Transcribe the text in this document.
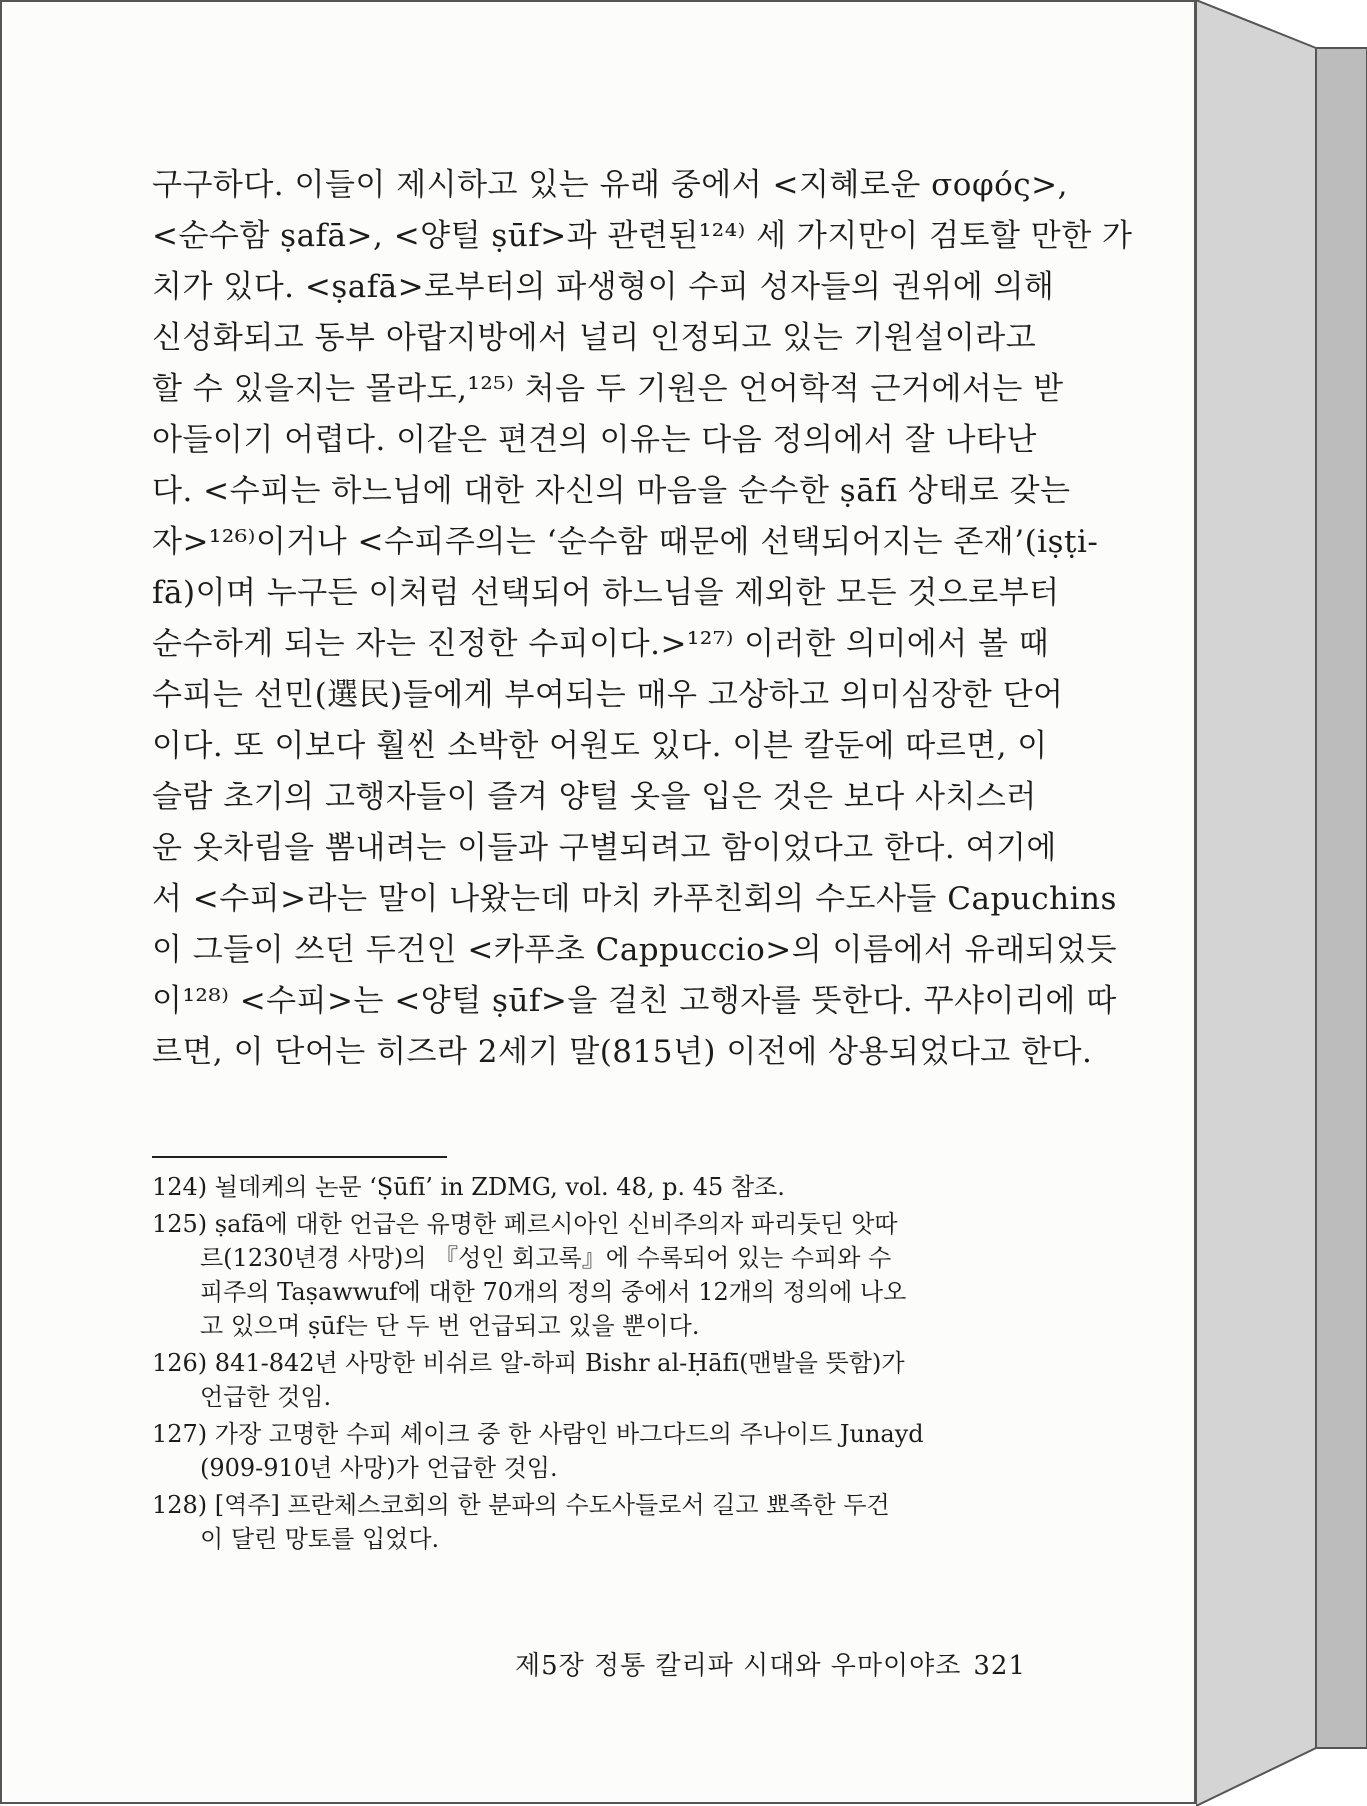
구구하다. 이들이 제시하고 있는 유래 중에서 <지혜로운 σοφός>,
<순수함 ṣafā>, <양털 ṣūf>과 관련된¹²⁴⁾ 세 가지만이 검토할 만한 가
치가 있다. <ṣafā>로부터의 파생형이 수피 성자들의 권위에 의해
신성화되고 동부 아랍지방에서 널리 인정되고 있는 기원설이라고
할 수 있을지는 몰라도,¹²⁵⁾ 처음 두 기원은 언어학적 근거에서는 받
아들이기 어렵다. 이같은 편견의 이유는 다음 정의에서 잘 나타난
다. <수피는 하느님에 대한 자신의 마음을 순수한 ṣāfī 상태로 갖는
자>¹²⁶⁾이거나 <수피주의는 ‘순수함 때문에 선택되어지는 존재’(iṣṭi-
fā)이며 누구든 이처럼 선택되어 하느님을 제외한 모든 것으로부터
순수하게 되는 자는 진정한 수피이다.>¹²⁷⁾ 이러한 의미에서 볼 때
수피는 선민(選民)들에게 부여되는 매우 고상하고 의미심장한 단어
이다. 또 이보다 훨씬 소박한 어원도 있다. 이븐 칼둔에 따르면, 이
슬람 초기의 고행자들이 즐겨 양털 옷을 입은 것은 보다 사치스러
운 옷차림을 뽐내려는 이들과 구별되려고 함이었다고 한다. 여기에
서 <수피>라는 말이 나왔는데 마치 카푸친회의 수도사들 Capuchins
이 그들이 쓰던 두건인 <카푸초 Cappuccio>의 이름에서 유래되었듯
이¹²⁸⁾ <수피>는 <양털 ṣūf>을 걸친 고행자를 뜻한다. 꾸샤이리에 따
르면, 이 단어는 히즈라 2세기 말(815년) 이전에 상용되었다고 한다.
124) 뇔데케의 논문 ‘Ṣūfī’ in ZDMG, vol. 48, p. 45 참조.
125) ṣafā에 대한 언급은 유명한 페르시아인 신비주의자 파리둣딘 앗따
르(1230년경 사망)의 『성인 회고록』에 수록되어 있는 수피와 수
피주의 Taṣawwuf에 대한 70개의 정의 중에서 12개의 정의에 나오
고 있으며 ṣūf는 단 두 번 언급되고 있을 뿐이다.
126) 841-842년 사망한 비쉬르 알-하피 Bishr al-Ḥāfī(맨발을 뜻함)가
언급한 것임.
127) 가장 고명한 수피 셰이크 중 한 사람인 바그다드의 주나이드 Junayd
(909-910년 사망)가 언급한 것임.
128) [역주] 프란체스코회의 한 분파의 수도사들로서 길고 뾰족한 두건
이 달린 망토를 입었다.
제5장 정통 칼리파 시대와 우마이야조 321
